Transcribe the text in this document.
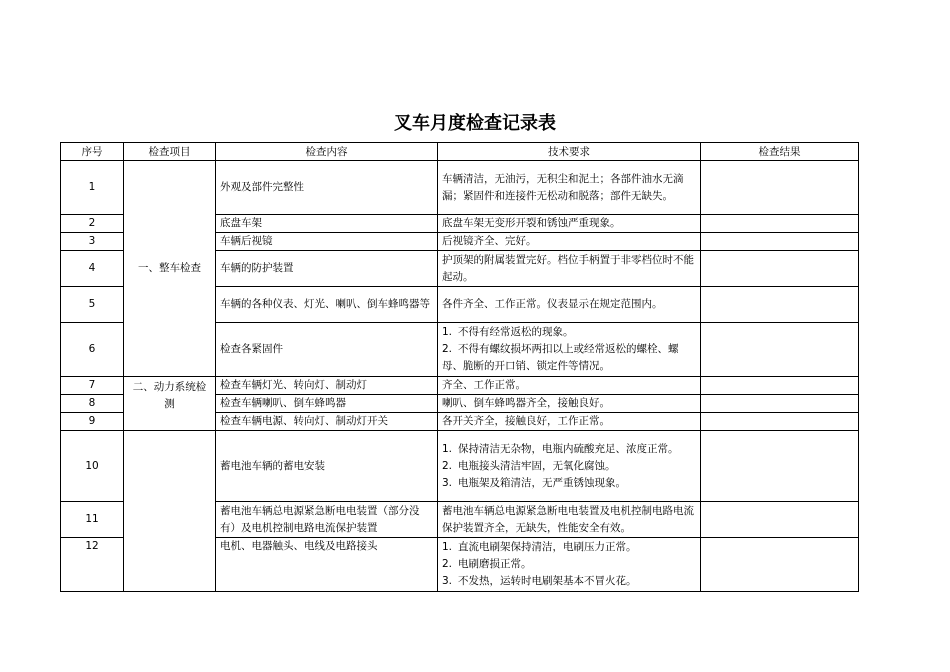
叉车月度检查记录表
序号	检查项目	检查内容	技术要求	检查结果
1	一、整车检查	外观及部件完整性	车辆清洁，无油污，无积尘和泥土；各部件油水无滴漏；紧固件和连接件无松动和脱落；部件无缺失。	
2		底盘车架	底盘车架无变形开裂和锈蚀严重现象。	
3		车辆后视镜	后视镜齐全、完好。	
4		车辆的防护装置	护顶架的附属装置完好。档位手柄置于非零档位时不能起动。	
5		车辆的各种仪表、灯光、喇叭、倒车蜂鸣器等	各件齐全、工作正常。仪表显示在规定范围内。	
6		检查各紧固件	1. 不得有经常返松的现象。
2. 不得有螺纹损坏两扣以上或经常返松的螺栓、螺母、脆断的开口销、锁定件等情况。	

7	二、动力系统检测	检查车辆灯光、转向灯、制动灯	齐全、工作正常。	
8		检查车辆喇叭、倒车蜂鸣器	喇叭、倒车蜂鸣器齐全，接触良好。	
9		检查车辆电源、转向灯、制动灯开关	各开关齐全，接触良好，工作正常。	
10		蓄电池车辆的蓄电安装	1. 保持清洁无杂物，电瓶内硫酸充足、浓度正常。
2. 电瓶接头清洁牢固，无氧化腐蚀。
3. 电瓶架及箱清洁，无严重锈蚀现象。	

11		蓄电池车辆总电源紧急断电电装置（部分没有）及电机控制电路电流保护装置	蓄电池车辆总电源紧急断电电装置及电机控制电路电流保护装置齐全，无缺失，性能安全有效。	
12		电机、电器触头、电线及电路接头	1. 直流电刷架保持清洁，电刷压力正常。
2. 电刷磨损正常。
3. 不发热，运转时电刷架基本不冒火花。	
